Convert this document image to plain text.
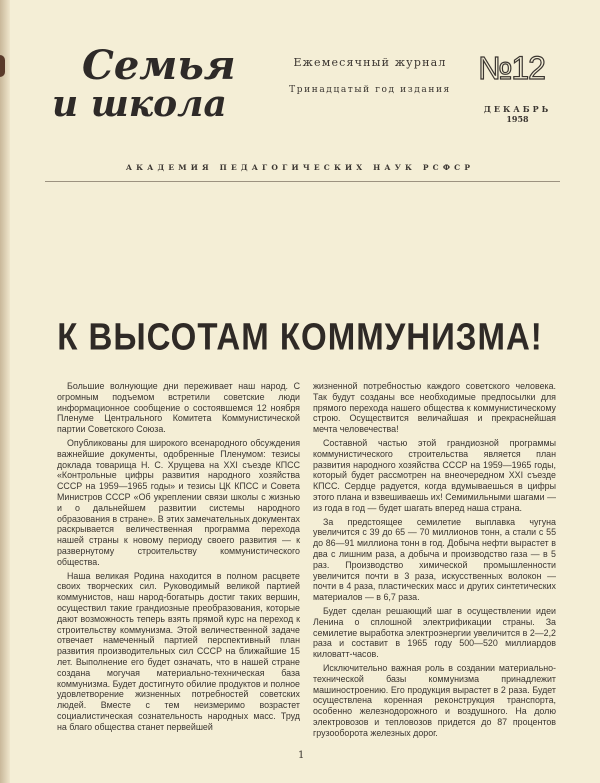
Семья
и школа
Ежемесячный журнал
Тринадцатый год издания
№12
ДЕКАБРЬ
1958
АКАДЕМИЯ ПЕДАГОГИЧЕСКИХ НАУК РСФСР
К ВЫСОТАМ КОММУНИЗМА!

Большие волнующие дни переживает наш народ. С огромным подъемом встретили советские люди информационное сообщение о состоявшемся 12 ноября Пленуме Центрального Комитета Коммунистической партии Советского Союза.

Опубликованы для широкого всенародного обсуждения важнейшие документы, одобренные Пленумом: тезисы доклада товарища Н. С. Хрущева на XXI съезде КПСС «Контрольные цифры развития народного хозяйства СССР на 1959—1965 годы» и тезисы ЦК КПСС и Совета Министров СССР «Об укреплении связи школы с жизнью и о дальнейшем развитии системы народного образования в стране». В этих замечательных документах раскрывается величественная программа перехода нашей страны к новому периоду своего развития — к развернутому строительству коммунистического общества.

Наша великая Родина находится в полном расцвете своих творческих сил. Руководимый великой партией коммунистов, наш народ-богатырь достиг таких вершин, осуществил такие грандиозные преобразования, которые дают возможность теперь взять прямой курс на переход к строительству коммунизма. Этой величественной задаче отвечает намеченный партией перспективный план развития производительных сил СССР на ближайшие 15 лет. Выполнение его будет означать, что в нашей стране создана могучая материально-техническая база коммунизма. Будет достигнуто обилие продуктов и полное удовлетворение жизненных потребностей советских людей. Вместе с тем неизмеримо возрастет социалистическая сознательность народных масс. Труд на благо общества станет первейшей

жизненной потребностью каждого советского человека. Так будут созданы все необходимые предпосылки для прямого перехода нашего общества к коммунистическому строю. Осуществится величайшая и прекраснейшая мечта человечества!

Составной частью этой грандиозной программы коммунистического строительства является план развития народного хозяйства СССР на 1959—1965 годы, который будет рассмотрен на внеочередном XXI съезде КПСС. Сердце радуется, когда вдумываешься в цифры этого плана и взвешиваешь их! Семимильными шагами — из года в год — будет шагать вперед наша страна.

За предстоящее семилетие выплавка чугуна увеличится с 39 до 65 — 70 миллионов тонн, а стали с 55 до 86—91 миллиона тонн в год. Добыча нефти вырастет в два с лишним раза, а добыча и производство газа — в 5 раз. Производство химической промышленности увеличится почти в 3 раза, искусственных волокон — почти в 4 раза, пластических масс и других синтетических материалов — в 6,7 раза.

Будет сделан решающий шаг в осуществлении идеи Ленина о сплошной электрификации страны. За семилетие выработка электроэнергии увеличится в 2—2,2 раза и составит в 1965 году 500—520 миллиардов киловатт-часов.

Исключительно важная роль в создании материально-технической базы коммунизма принадлежит машиностроению. Его продукция вырастет в 2 раза. Будет осуществлена коренная реконструкция транспорта, особенно железнодорожного и воздушного. На долю электровозов и тепловозов придется до 87 процентов грузооборота железных дорог.

1
